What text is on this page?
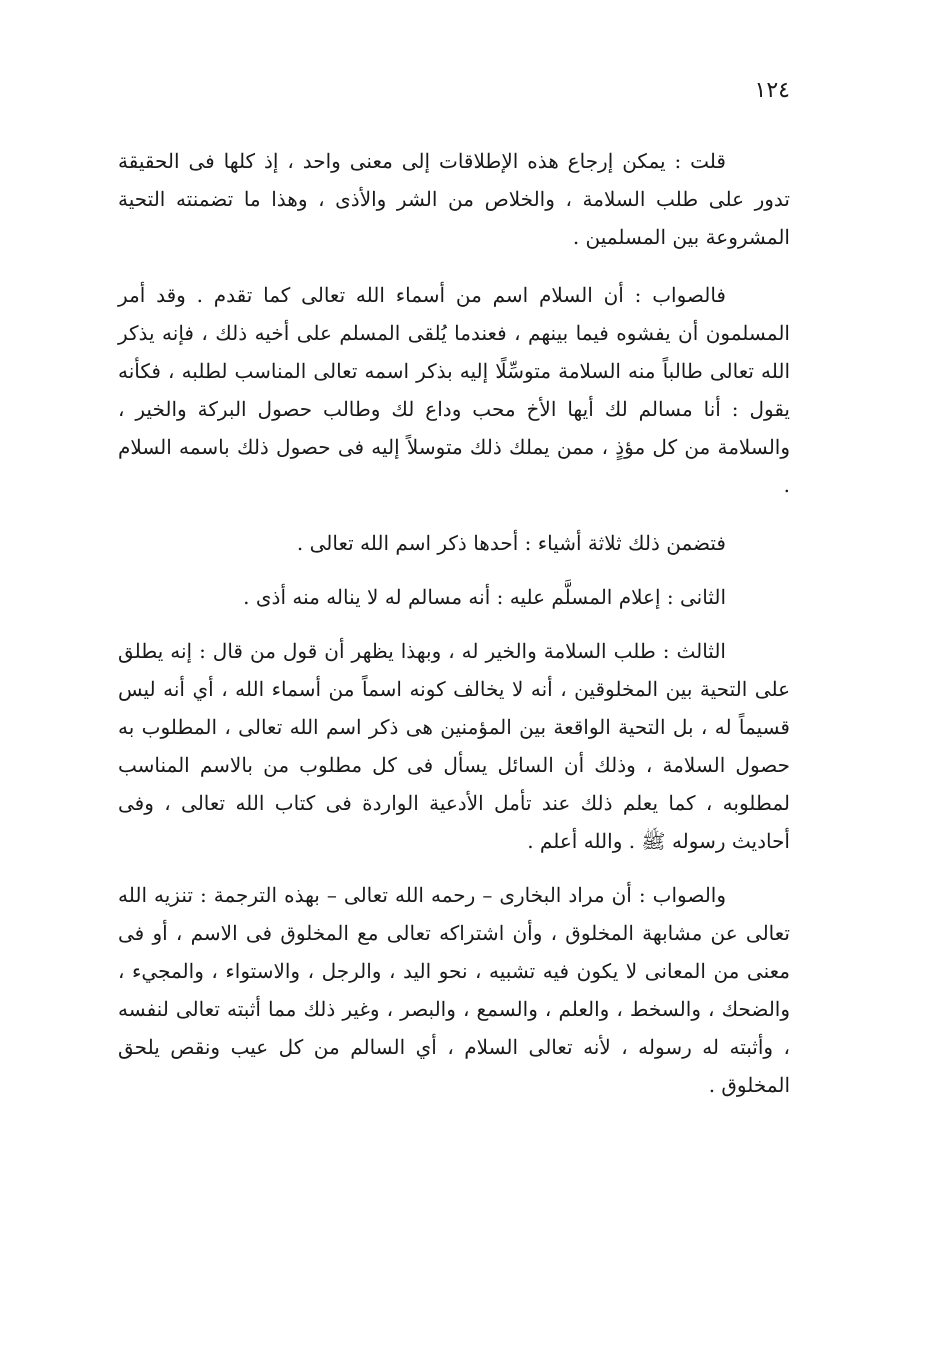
١٢٤

قلت : يمكن إرجاع هذه الإطلاقات إلى معنى واحد ، إذ كلها فى الحقيقة تدور على طلب السلامة ، والخلاص من الشر والأذى ، وهذا ما تضمنته التحية المشروعة بين المسلمين .

فالصواب : أن السلام اسم من أسماء الله تعالى كما تقدم . وقد أمر المسلمون أن يفشوه فيما بينهم ، فعندما يُلقى المسلم على أخيه ذلك ، فإنه يذكر الله تعالى طالباً منه السلامة متوسِّلًا إليه بذكر اسمه تعالى المناسب لطلبه ، فكأنه يقول : أنا مسالم لك أيها الأخ محب وداع لك وطالب حصول البركة والخير ، والسلامة من كل مؤذٍ ، ممن يملك ذلك متوسلاً إليه فى حصول ذلك باسمه السلام .

فتضمن ذلك ثلاثة أشياء : أحدها ذكر اسم الله تعالى .

الثانى : إعلام المسلَّم عليه : أنه مسالم له لا يناله منه أذى .

الثالث : طلب السلامة والخير له ، وبهذا يظهر أن قول من قال : إنه يطلق على التحية بين المخلوقين ، أنه لا يخالف كونه اسماً من أسماء الله ، أي أنه ليس قسيماً له ، بل التحية الواقعة بين المؤمنين هى ذكر اسم الله تعالى ، المطلوب به حصول السلامة ، وذلك أن السائل يسأل فى كل مطلوب من بالاسم المناسب لمطلوبه ، كما يعلم ذلك عند تأمل الأدعية الواردة فى كتاب الله تعالى ، وفى أحاديث رسوله ﷺ . والله أعلم .

والصواب : أن مراد البخارى – رحمه الله تعالى – بهذه الترجمة : تنزيه الله تعالى عن مشابهة المخلوق ، وأن اشتراكه تعالى مع المخلوق فى الاسم ، أو فى معنى من المعانى لا يكون فيه تشبيه ، نحو اليد ، والرجل ، والاستواء ، والمجيء ، والضحك ، والسخط ، والعلم ، والسمع ، والبصر ، وغير ذلك مما أثبته تعالى لنفسه ، وأثبته له رسوله ، لأنه تعالى السلام ، أي السالم من كل عيب ونقص يلحق المخلوق .
